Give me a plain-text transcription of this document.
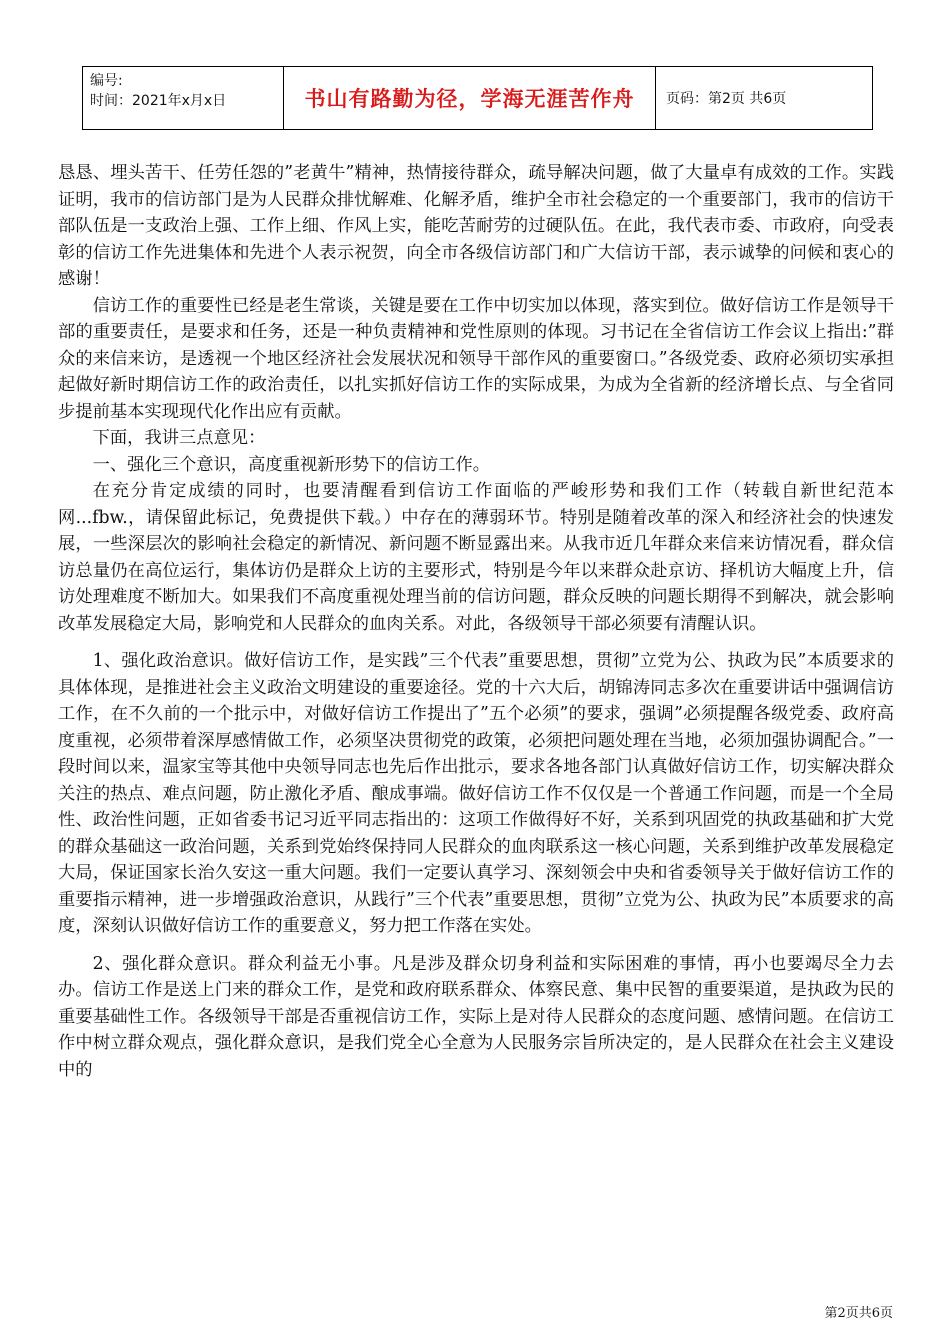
编号:
时间：2021年x月x日	书山有路勤为径，学海无涯苦作舟 页码：第2页 共6页

恳恳、埋头苦干、任劳任怨的”老黄牛”精神，热情接待群众，疏导解决问题，做了大量卓有成效的工作。实践证明，我市的信访部门是为人民群众排忧解难、化解矛盾，维护全市社会稳定的一个重要部门，我市的信访干部队伍是一支政治上强、工作上细、作风上实，能吃苦耐劳的过硬队伍。在此，我代表市委、市政府，向受表彰的信访工作先进集体和先进个人表示祝贺，向全市各级信访部门和广大信访干部，表示诚挚的问候和衷心的感谢！

信访工作的重要性已经是老生常谈，关键是要在工作中切实加以体现，落实到位。做好信访工作是领导干部的重要责任，是要求和任务，还是一种负责精神和党性原则的体现。习书记在全省信访工作会议上指出:”群众的来信来访，是透视一个地区经济社会发展状况和领导干部作风的重要窗口。”各级党委、政府必须切实承担起做好新时期信访工作的政治责任，以扎实抓好信访工作的实际成果，为成为全省新的经济增长点、与全省同步提前基本实现现代化作出应有贡献。

下面，我讲三点意见：

一、强化三个意识，高度重视新形势下的信访工作。

在充分肯定成绩的同时，也要清醒看到信访工作面临的严峻形势和我们工作（转载自新世纪范本网...fbw.，请保留此标记，免费提供下载。）中存在的薄弱环节。特别是随着改革的深入和经济社会的快速发展，一些深层次的影响社会稳定的新情况、新问题不断显露出来。从我市近几年群众来信来访情况看，群众信访总量仍在高位运行，集体访仍是群众上访的主要形式，特别是今年以来群众赴京访、择机访大幅度上升，信访处理难度不断加大。如果我们不高度重视处理当前的信访问题，群众反映的问题长期得不到解决，就会影响改革发展稳定大局，影响党和人民群众的血肉关系。对此，各级领导干部必须要有清醒认识。

1、强化政治意识。做好信访工作，是实践”三个代表”重要思想，贯彻”立党为公、执政为民”本质要求的具体体现，是推进社会主义政治文明建设的重要途径。党的十六大后，胡锦涛同志多次在重要讲话中强调信访工作，在不久前的一个批示中，对做好信访工作提出了”五个必须”的要求，强调”必须提醒各级党委、政府高度重视，必须带着深厚感情做工作，必须坚决贯彻党的政策，必须把问题处理在当地，必须加强协调配合。”一段时间以来，温家宝等其他中央领导同志也先后作出批示，要求各地各部门认真做好信访工作，切实解决群众关注的热点、难点问题，防止激化矛盾、酿成事端。做好信访工作不仅仅是一个普通工作问题，而是一个全局性、政治性问题，正如省委书记习近平同志指出的：这项工作做得好不好，关系到巩固党的执政基础和扩大党的群众基础这一政治问题，关系到党始终保持同人民群众的血肉联系这一核心问题，关系到维护改革发展稳定大局，保证国家长治久安这一重大问题。我们一定要认真学习、深刻领会中央和省委领导关于做好信访工作的重要指示精神，进一步增强政治意识，从践行”三个代表”重要思想，贯彻”立党为公、执政为民”本质要求的高度，深刻认识做好信访工作的重要意义，努力把工作落在实处。

2、强化群众意识。群众利益无小事。凡是涉及群众切身利益和实际困难的事情，再小也要竭尽全力去办。信访工作是送上门来的群众工作，是党和政府联系群众、体察民意、集中民智的重要渠道，是执政为民的重要基础性工作。各级领导干部是否重视信访工作，实际上是对待人民群众的态度问题、感情问题。在信访工作中树立群众观点，强化群众意识，是我们党全心全意为人民服务宗旨所决定的，是人民群众在社会主义建设中的

第2页共6页
